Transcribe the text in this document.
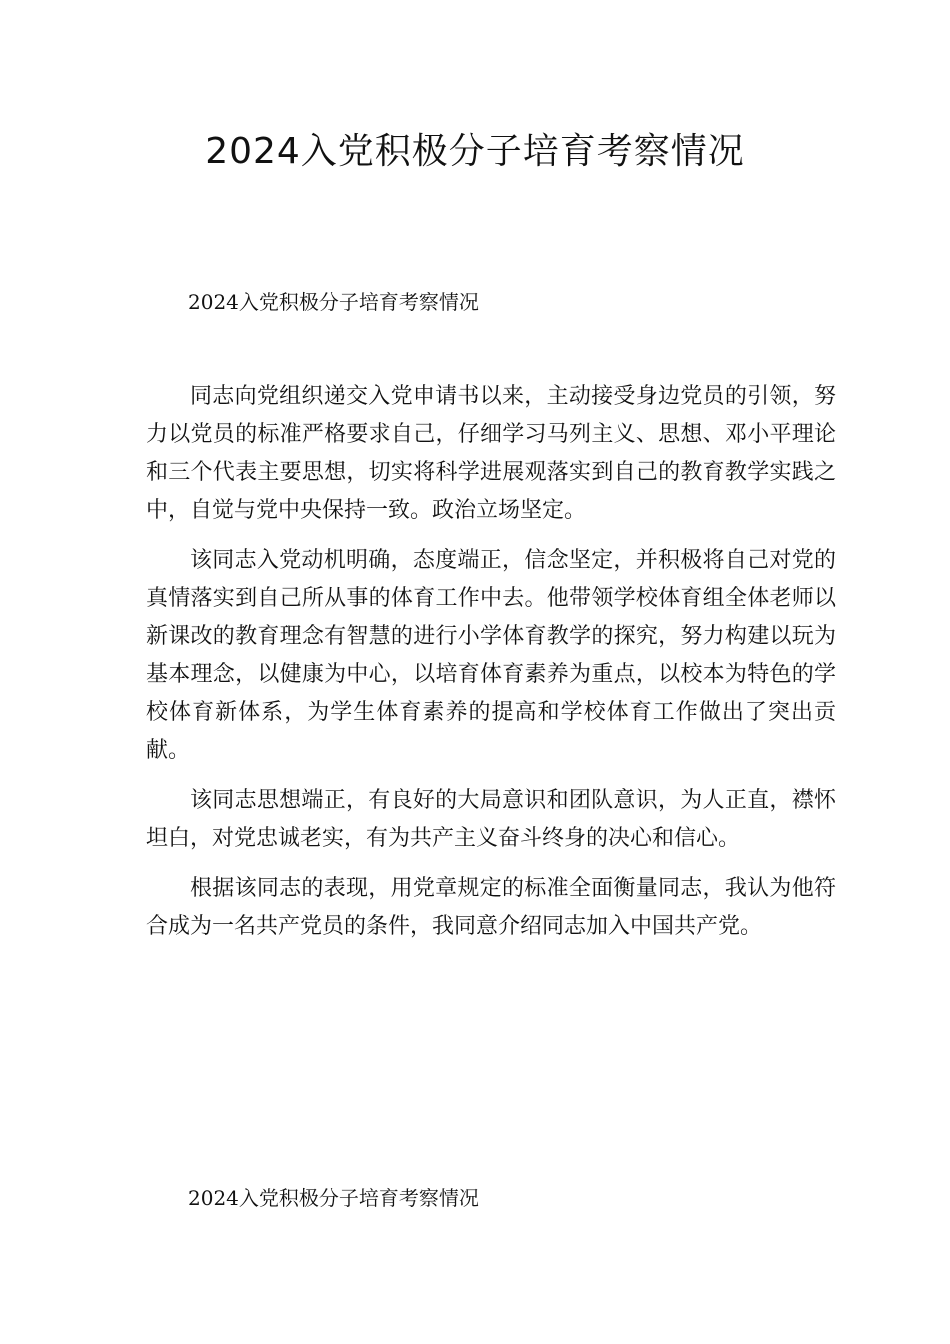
2024入党积极分子培育考察情况

2024入党积极分子培育考察情况

同志向党组织递交入党申请书以来，主动接受身边党员的引领，努力以党员的标准严格要求自己，仔细学习马列主义、思想、邓小平理论和三个代表主要思想，切实将科学进展观落实到自己的教育教学实践之中，自觉与党中央保持一致。政治立场坚定。

该同志入党动机明确，态度端正，信念坚定，并积极将自己对党的真情落实到自己所从事的体育工作中去。他带领学校体育组全体老师以新课改的教育理念有智慧的进行小学体育教学的探究，努力构建以玩为基本理念，以健康为中心，以培育体育素养为重点，以校本为特色的学校体育新体系，为学生体育素养的提高和学校体育工作做出了突出贡献。

该同志思想端正，有良好的大局意识和团队意识，为人正直，襟怀坦白，对党忠诚老实，有为共产主义奋斗终身的决心和信心。

根据该同志的表现，用党章规定的标准全面衡量同志，我认为他符合成为一名共产党员的条件，我同意介绍同志加入中国共产党。

2024入党积极分子培育考察情况
